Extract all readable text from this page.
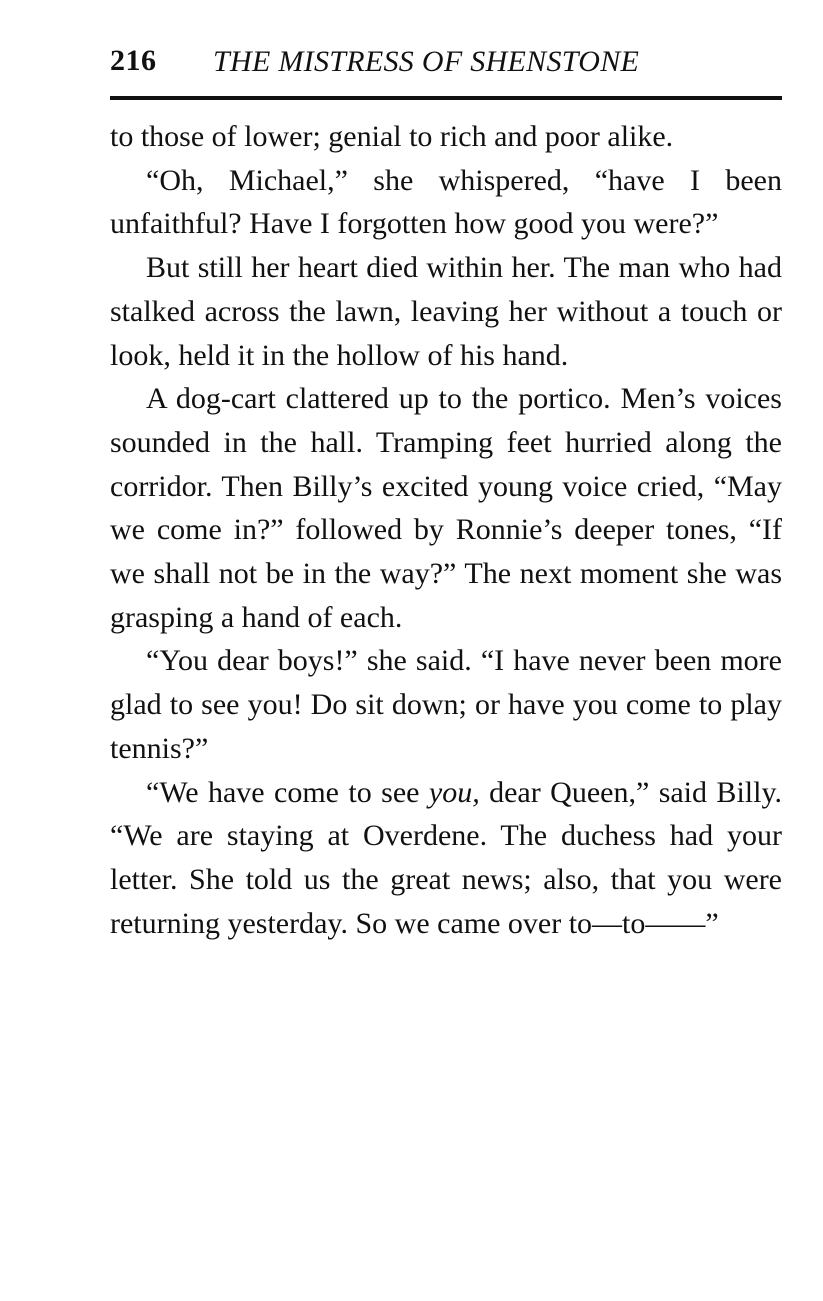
216 THE MISTRESS OF SHENSTONE

to those of lower; genial to rich and poor alike.

“Oh, Michael,” she whispered, “have I been unfaithful? Have I forgotten how good you were?”

But still her heart died within her. The man who had stalked across the lawn, leaving her without a touch or look, held it in the hollow of his hand.

A dog-cart clattered up to the portico. Men’s voices sounded in the hall. Tramping feet hurried along the corridor. Then Billy’s excited young voice cried, “May we come in?” followed by Ronnie’s deeper tones, “If we shall not be in the way?” The next moment she was grasping a hand of each.

“You dear boys!” she said. “I have never been more glad to see you! Do sit down; or have you come to play tennis?”

“We have come to see you, dear Queen,” said Billy. “We are staying at Overdene. The duchess had your letter. She told us the great news; also, that you were returning yesterday. So we came over to—to——”
